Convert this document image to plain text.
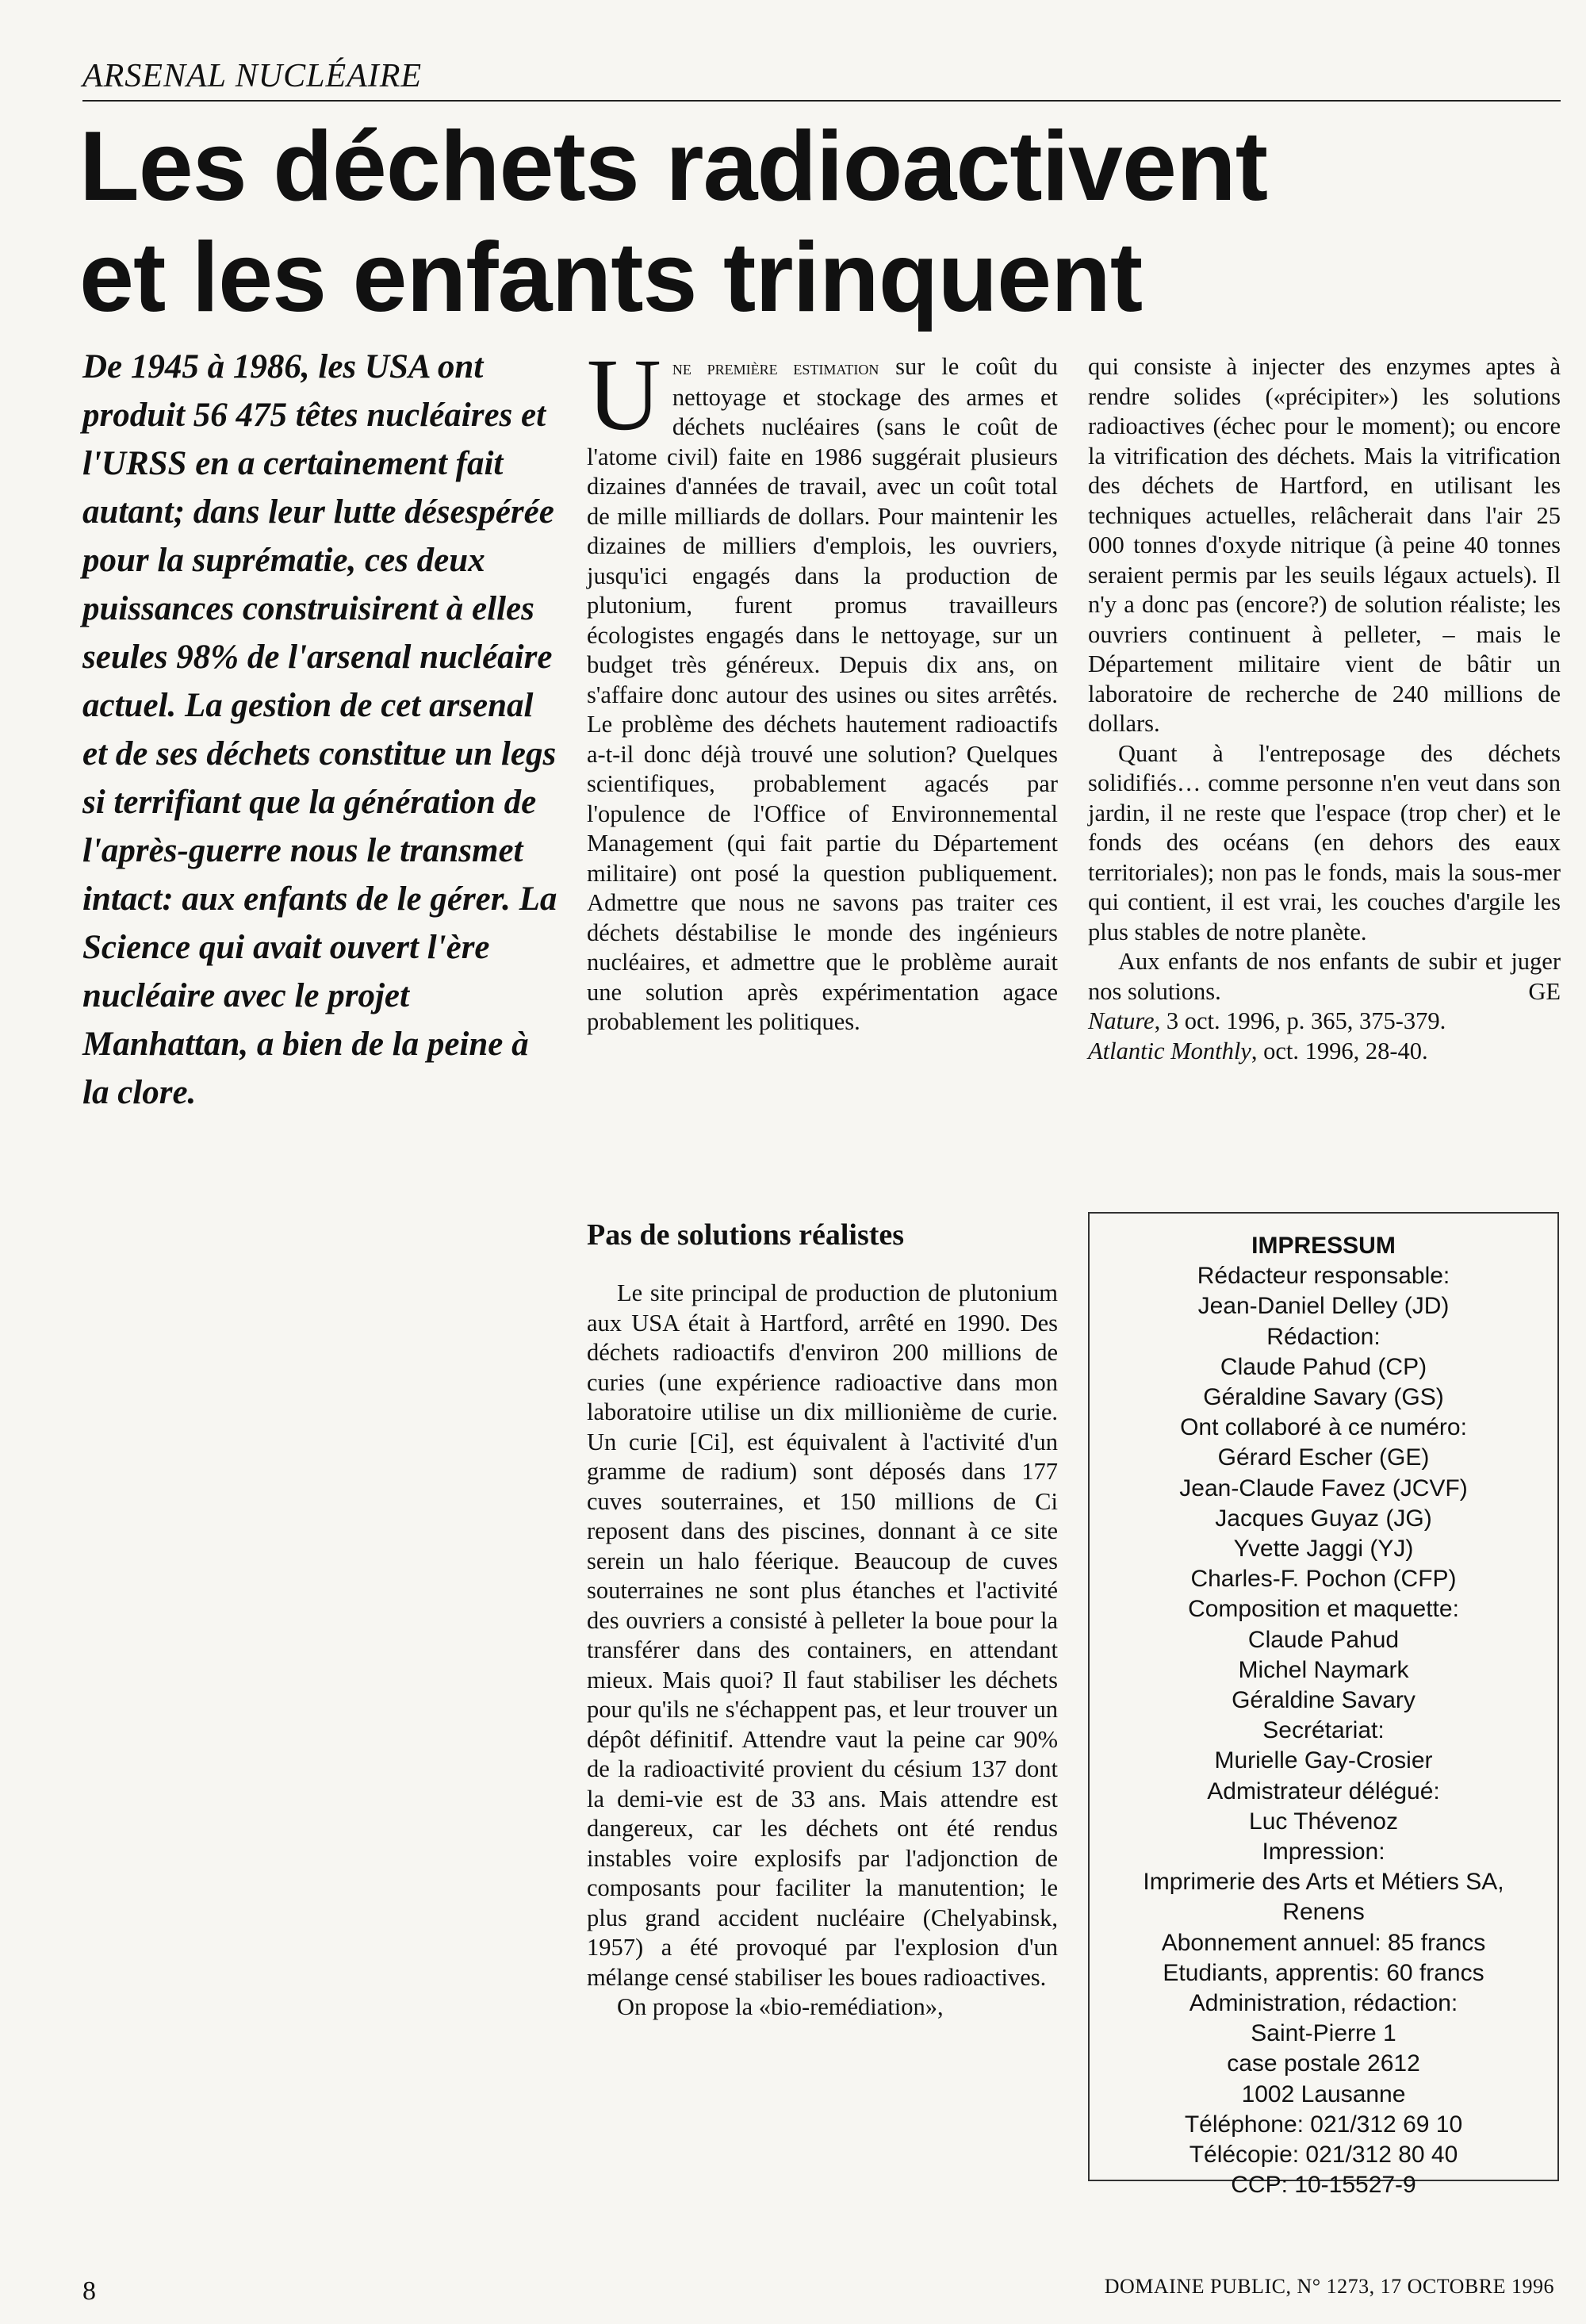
ARSENAL NUCLÉAIRE
Les déchets radioactivent
et les enfants trinquent
De 1945 à 1986, les USA ont produit 56 475 têtes nucléaires et l'URSS en a certainement fait autant; dans leur lutte désespérée pour la suprématie, ces deux puissances construisirent à elles seules 98% de l'arsenal nucléaire actuel. La gestion de cet arsenal et de ses déchets constitue un legs si terrifiant que la génération de l'après-guerre nous le transmet intact: aux enfants de le gérer. La Science qui avait ouvert l'ère nucléaire avec le projet Manhattan, a bien de la peine à la clore.

Une première estimation sur le coût du nettoyage et stockage des armes et déchets nucléaires (sans le coût de l'atome civil) faite en 1986 suggérait plusieurs dizaines d'années de travail, avec un coût total de mille milliards de dollars. Pour maintenir les dizaines de milliers d'emplois, les ouvriers, jusqu'ici engagés dans la production de plutonium, furent promus travailleurs écologistes engagés dans le nettoyage, sur un budget très généreux. Depuis dix ans, on s'affaire donc autour des usines ou sites arrêtés. Le problème des déchets hautement radioactifs a-t-il donc déjà trouvé une solution? Quelques scientifiques, probablement agacés par l'opulence de l'Office of Environnemental Management (qui fait partie du Département militaire) ont posé la question publiquement. Admettre que nous ne savons pas traiter ces déchets déstabilise le monde des ingénieurs nucléaires, et admettre que le problème aurait une solution après expérimentation agace probablement les politiques.

Pas de solutions réalistes

Le site principal de production de plutonium aux USA était à Hartford, arrêté en 1990. Des déchets radioactifs d'environ 200 millions de curies (une expérience radioactive dans mon laboratoire utilise un dix millionième de curie. Un curie [Ci], est équivalent à l'activité d'un gramme de radium) sont déposés dans 177 cuves souterraines, et 150 millions de Ci reposent dans des piscines, donnant à ce site serein un halo féerique. Beaucoup de cuves souterraines ne sont plus étanches et l'activité des ouvriers a consisté à pelleter la boue pour la transférer dans des containers, en attendant mieux. Mais quoi? Il faut stabiliser les déchets pour qu'ils ne s'échappent pas, et leur trouver un dépôt définitif. Attendre vaut la peine car 90% de la radioactivité provient du césium 137 dont la demi-vie est de 33 ans. Mais attendre est dangereux, car les déchets ont été rendus instables voire explosifs par l'adjonction de composants pour faciliter la manutention; le plus grand accident nucléaire (Chelyabinsk, 1957) a été provoqué par l'explosion d'un mélange censé stabiliser les boues radioactives.

On propose la «bio-remédiation»,

qui consiste à injecter des enzymes aptes à rendre solides («précipiter») les solutions radioactives (échec pour le moment); ou encore la vitrification des déchets. Mais la vitrification des déchets de Hartford, en utilisant les techniques actuelles, relâcherait dans l'air 25 000 tonnes d'oxyde nitrique (à peine 40 tonnes seraient permis par les seuils légaux actuels). Il n'y a donc pas (encore?) de solution réaliste; les ouvriers continuent à pelleter, – mais le Département militaire vient de bâtir un laboratoire de recherche de 240 millions de dollars.

Quant à l'entreposage des déchets solidifiés… comme personne n'en veut dans son jardin, il ne reste que l'espace (trop cher) et le fonds des océans (en dehors des eaux territoriales); non pas le fonds, mais la sous-mer qui contient, il est vrai, les couches d'argile les plus stables de notre planète.

Aux enfants de nos enfants de subir et juger nos solutions.	GE

Nature, 3 oct. 1996, p. 365, 375-379.

Atlantic Monthly, oct. 1996, 28-40.

IMPRESSUM
Rédacteur responsable:
Jean-Daniel Delley (JD)
Rédaction:
Claude Pahud (CP)
Géraldine Savary (GS)
Ont collaboré à ce numéro:
Gérard Escher (GE)
Jean-Claude Favez (JCVF)
Jacques Guyaz (JG)
Yvette Jaggi (YJ)
Charles-F. Pochon (CFP)
Composition et maquette:
Claude Pahud
Michel Naymark
Géraldine Savary
Secrétariat:
Murielle Gay-Crosier
Admistrateur délégué:
Luc Thévenoz
Impression:
Imprimerie des Arts et Métiers SA,
Renens
Abonnement annuel: 85 francs
Etudiants, apprentis: 60 francs
Administration, rédaction:
Saint-Pierre 1
case postale 2612
1002 Lausanne
Téléphone: 021/312 69 10
Télécopie: 021/312 80 40
CCP: 10-15527-9
8	DOMAINE PUBLIC, N° 1273, 17 OCTOBRE 1996
